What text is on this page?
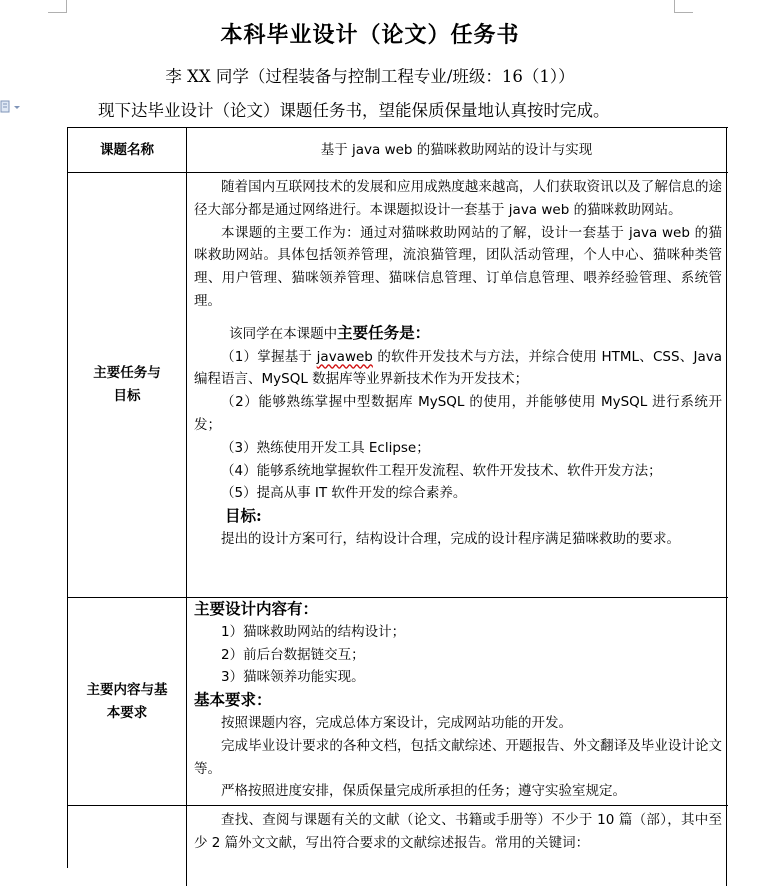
本科毕业设计（论文）任务书
李 XX 同学（过程装备与控制工程专业/班级：16（1））
现下达毕业设计（论文）课题任务书，望能保质保量地认真按时完成。
课题名称	基于 java web 的猫咪救助网站的设计与实现
主要任务与
目标

随着国内互联网技术的发展和应用成熟度越来越高，人们获取资讯以及了解信息的途径大部分都是通过网络进行。本课题拟设计一套基于 java web 的猫咪救助网站。

本课题的主要工作为：通过对猫咪救助网站的了解，设计一套基于 java web 的猫咪救助网站。具体包括领养管理，流浪猫管理，团队活动管理，个人中心、猫咪种类管理、用户管理、猫咪领养管理、猫咪信息管理、订单信息管理、喂养经验管理、系统管理。

该同学在本课题中主要任务是：

（1）掌握基于 javaweb 的软件开发技术与方法，并综合使用 HTML、CSS、Java 编程语言、MySQL 数据库等业界新技术作为开发技术；

（2）能够熟练掌握中型数据库 MySQL 的使用，并能够使用 MySQL 进行系统开发；

（3）熟练使用开发工具 Eclipse；

（4）能够系统地掌握软件工程开发流程、软件开发技术、软件开发方法；

（5）提高从事 IT 软件开发的综合素养。

目标:

提出的设计方案可行，结构设计合理，完成的设计程序满足猫咪救助的要求。

主要内容与基
本要求

主要设计内容有：

1）猫咪救助网站的结构设计；

2）前后台数据链交互；

3）猫咪领养功能实现。

基本要求：

按照课题内容，完成总体方案设计，完成网站功能的开发。

完成毕业设计要求的各种文档，包括文献综述、开题报告、外文翻译及毕业设计论文等。

严格按照进度安排，保质保量完成所承担的任务；遵守实验室规定。

查找、查阅与课题有关的文献（论文、书籍或手册等）不少于 10 篇（部），其中至少 2 篇外文文献，写出符合要求的文献综述报告。常用的关键词：
